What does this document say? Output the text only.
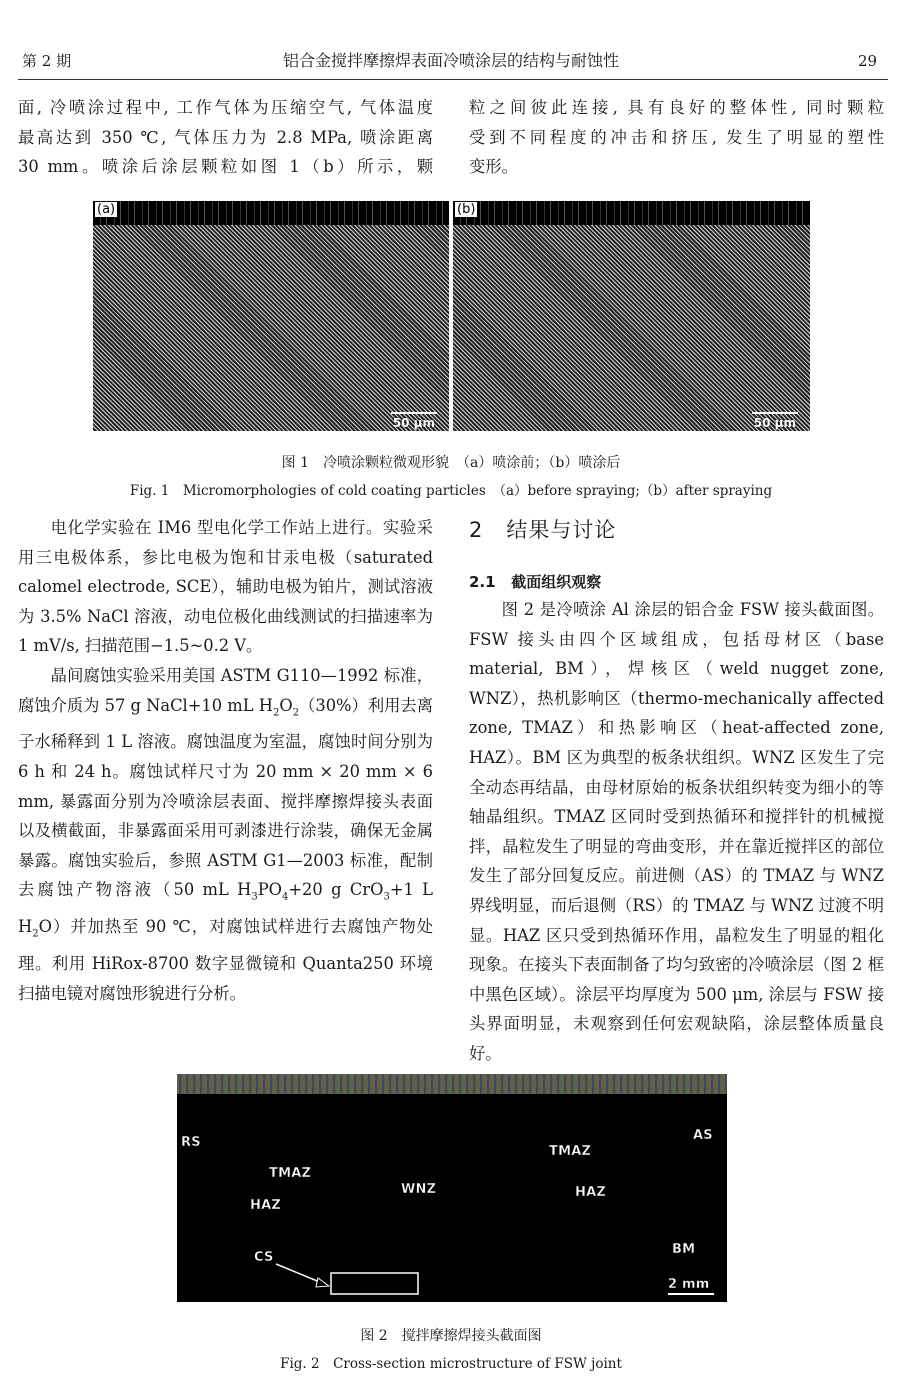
第 2 期	铝合金搅拌摩擦焊表面冷喷涂层的结构与耐蚀性	29
面, 冷喷涂过程中, 工作气体为压缩空气, 气体温度
最高达到 350 ℃, 气体压力为 2.8 MPa, 喷涂距离
30 mm。喷涂后涂层颗粒如图 1（b）所示，颗
粒之间彼此连接, 具有良好的整体性, 同时颗粒
受到不同程度的冲击和挤压, 发生了明显的塑性
变形。
(a)
50 μm
(b)
50 μm
图 1　冷喷涂颗粒微观形貌　（a）喷涂前；（b）喷涂后
Fig. 1　Micromorphologies of cold coating particles　（a）before spraying;（b）after spraying

电化学实验在 IM6 型电化学工作站上进行。实验采用三电极体系，参比电极为饱和甘汞电极（saturated calomel electrode, SCE），辅助电极为铂片，测试溶液为 3.5% NaCl 溶液，动电位极化曲线测试的扫描速率为 1 mV/s, 扫描范围−1.5~0.2 V。

晶间腐蚀实验采用美国 ASTM G110—1992 标准，腐蚀介质为 57 g NaCl+10 mL $H_2O_2(30\%)$利用去离子水稀释到 1 L 溶液。腐蚀温度为室温，腐蚀时间分别为 6 h 和 24 h。腐蚀试样尺寸为 20 mm × 20 mm × 6 mm, 暴露面分别为冷喷涂层表面、搅拌摩擦焊接头表面以及横截面，非暴露面采用可剥漆进行涂装，确保无金属暴露。腐蚀实验后，参照 ASTM G1—2003 标准，配制去腐蚀产物溶液（50 mL $H_3PO_4+20$ g CrO$_3$+1 L $H_2O$）并加热至 90 ℃，对腐蚀试样进行去腐蚀产物处理。利用 HiRox-8700 数字显微镜和 Quanta250 环境扫描电镜对腐蚀形貌进行分析。

2 结果与讨论
2.1 截面组织观察

图 2 是冷喷涂 Al 涂层的铝合金 FSW 接头截面图。FSW 接头由四个区域组成，包括母材区（base material, BM），焊核区（weld nugget zone, WNZ），热机影响区（thermo-mechanically affected zone, TMAZ）和热影响区（heat-affected zone, HAZ）。BM 区为典型的板条状组织。WNZ 区发生了完全动态再结晶，由母材原始的板条状组织转变为细小的等轴晶组织。TMAZ 区同时受到热循环和搅拌针的机械搅拌，晶粒发生了明显的弯曲变形，并在靠近搅拌区的部位发生了部分回复反应。前进侧（AS）的 TMAZ 与 WNZ 界线明显，而后退侧（RS）的 TMAZ 与 WNZ 过渡不明显。HAZ 区只受到热循环作用，晶粒发生了明显的粗化现象。在接头下表面制备了均匀致密的冷喷涂层（图 2 框中黑色区域）。涂层平均厚度为 500 μm, 涂层与 FSW 接头界面明显，未观察到任何宏观缺陷，涂层整体质量良好。

RS	AS
TMAZ
HAZ
WNZ
TMAZ
HAZ
BM
CS
2 mm
图 2　搅拌摩擦焊接头截面图
Fig. 2　Cross-section microstructure of FSW joint
